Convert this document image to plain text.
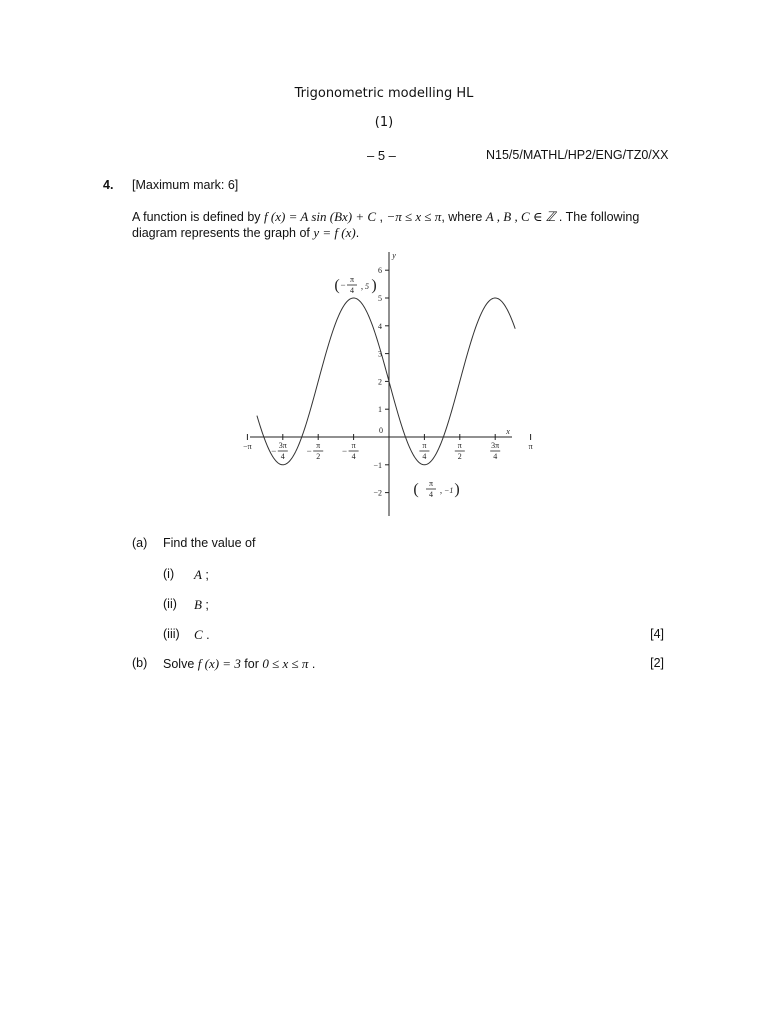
Trigonometric modelling HL
(1)
– 5 –	N15/5/MATHL/HP2/ENG/TZ0/XX
4. [Maximum mark: 6]
A function is defined by f (x) = A sin (Bx) + C , −π ≤ x ≤ π, where A , B , C ∈ ℤ . The following
diagram represents the graph of y = f (x).
x
y
0
−π	3π
4
−
π
2
−
π
4
−
π
4
π
2
3π
4
π
−2
−1
1
2
3
4
5
6
( π
4
− , 5 )
( π
4 , −1 )
(a) Find the value of
(i) A ;
(ii) B ;
(iii) C .	[4]
(b) Solve f (x) = 3 for 0 ≤ x ≤ π .	[2]
